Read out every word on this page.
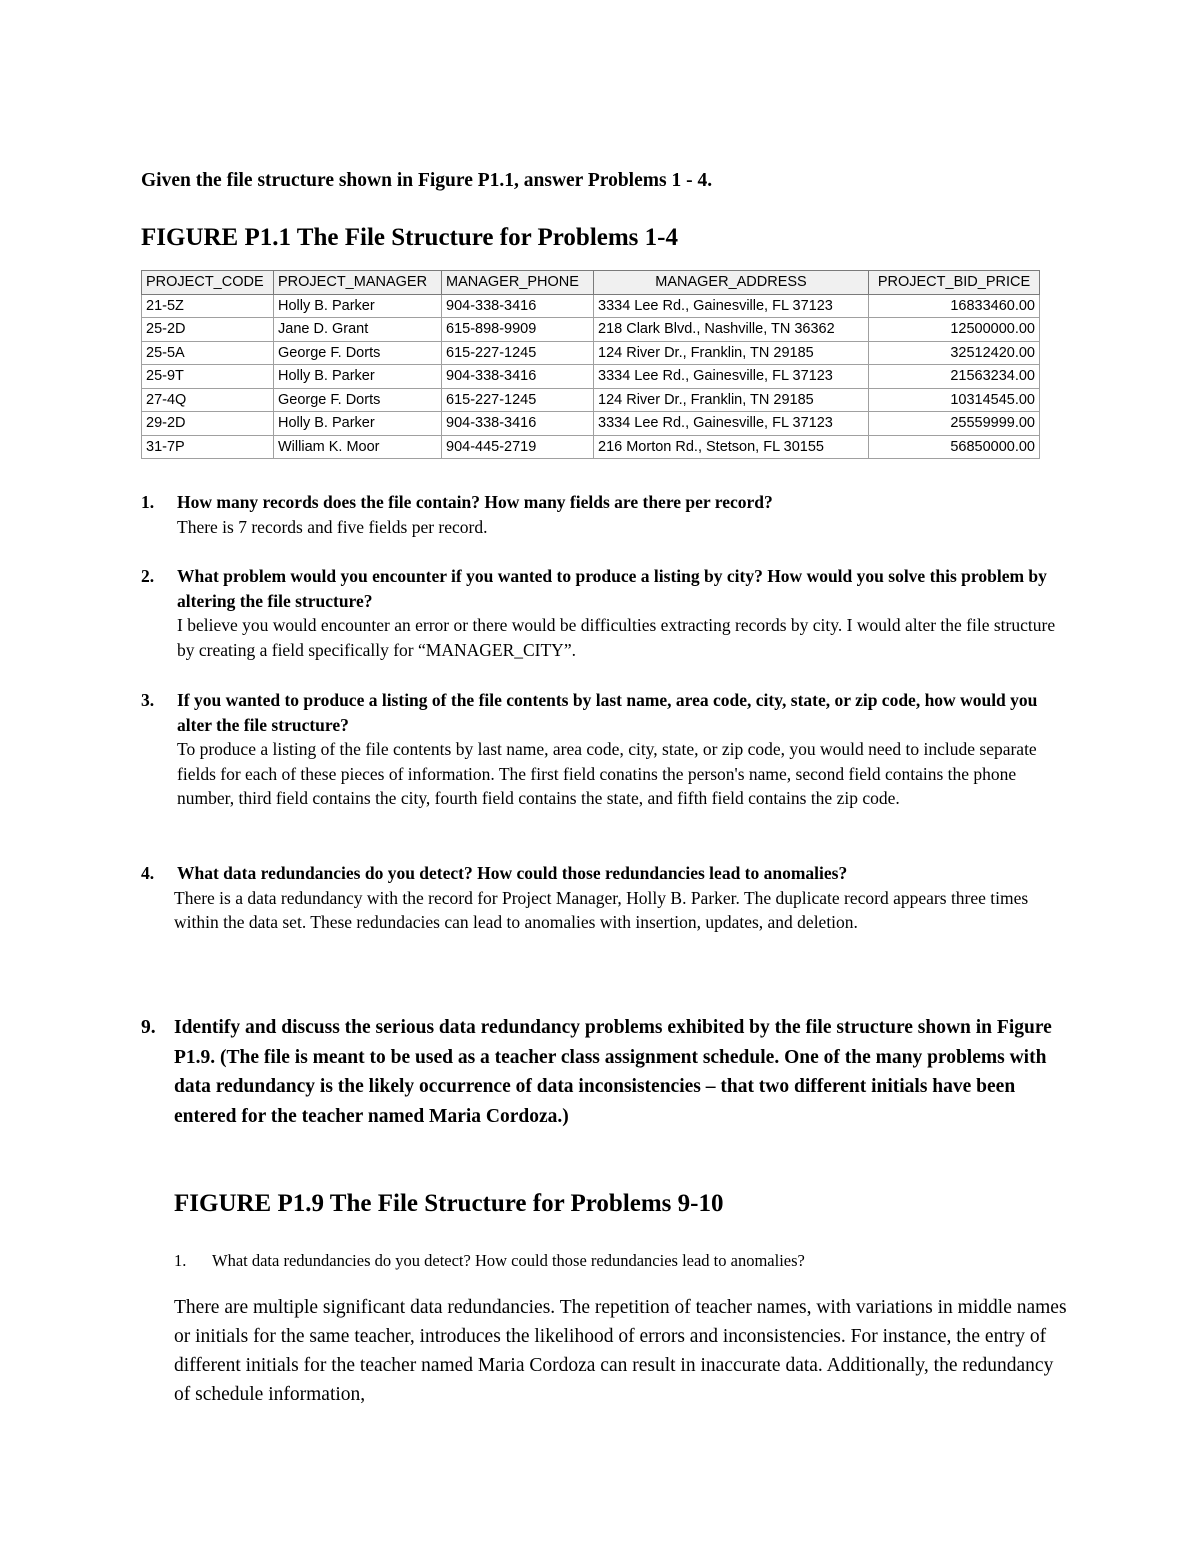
Given the file structure shown in Figure P1.1, answer Problems 1 - 4.
FIGURE P1.1 The File Structure for Problems 1-4
PROJECT_CODE	PROJECT_MANAGER	MANAGER_PHONE	MANAGER_ADDRESS	PROJECT_BID_PRICE
21-5Z	Holly B. Parker	904-338-3416	3334 Lee Rd., Gainesville, FL 37123	16833460.00
25-2D	Jane D. Grant	615-898-9909	218 Clark Blvd., Nashville, TN 36362	12500000.00
25-5A	George F. Dorts	615-227-1245	124 River Dr., Franklin, TN 29185	32512420.00
25-9T	Holly B. Parker	904-338-3416	3334 Lee Rd., Gainesville, FL 37123	21563234.00
27-4Q	George F. Dorts	615-227-1245	124 River Dr., Franklin, TN 29185	10314545.00
29-2D	Holly B. Parker	904-338-3416	3334 Lee Rd., Gainesville, FL 37123	25559999.00
31-7P	William K. Moor	904-445-2719	216 Morton Rd., Stetson, FL 30155	56850000.00
1.	How many records does the file contain? How many fields are there per record?
There is 7 records and five fields per record.
2.	What problem would you encounter if you wanted to produce a listing by city? How would you solve this problem by altering the file structure?
I believe you would encounter an error or there would be difficulties extracting records by city. I would alter the file structure by creating a field specifically for “MANAGER_CITY”.
3.	If you wanted to produce a listing of the file contents by last name, area code, city, state, or zip code, how would you alter the file structure?
To produce a listing of the file contents by last name, area code, city, state, or zip code, you would need to include separate fields for each of these pieces of information. The first field conatins the person's name, second field contains the phone number, third field contains the city, fourth field contains the state, and fifth field contains the zip code.
4.	What data redundancies do you detect? How could those redundancies lead to anomalies?
There is a data redundancy with the record for Project Manager, Holly B. Parker. The duplicate record appears three times within the data set. These redundacies can lead to anomalies with insertion, updates, and deletion.
9. Identify and discuss the serious data redundancy problems exhibited by the file structure shown in Figure P1.9. (The file is meant to be used as a teacher class assignment schedule. One of the many problems with data redundancy is the likely occurrence of data inconsistencies – that two different initials have been entered for the teacher named Maria Cordoza.)
FIGURE P1.9 The File Structure for Problems 9-10
1. What data redundancies do you detect? How could those redundancies lead to anomalies?
There are multiple significant data redundancies. The repetition of teacher names, with variations in middle names or initials for the same teacher, introduces the likelihood of errors and inconsistencies. For instance, the entry of different initials for the teacher named Maria Cordoza can result in inaccurate data. Additionally, the redundancy of schedule information,
